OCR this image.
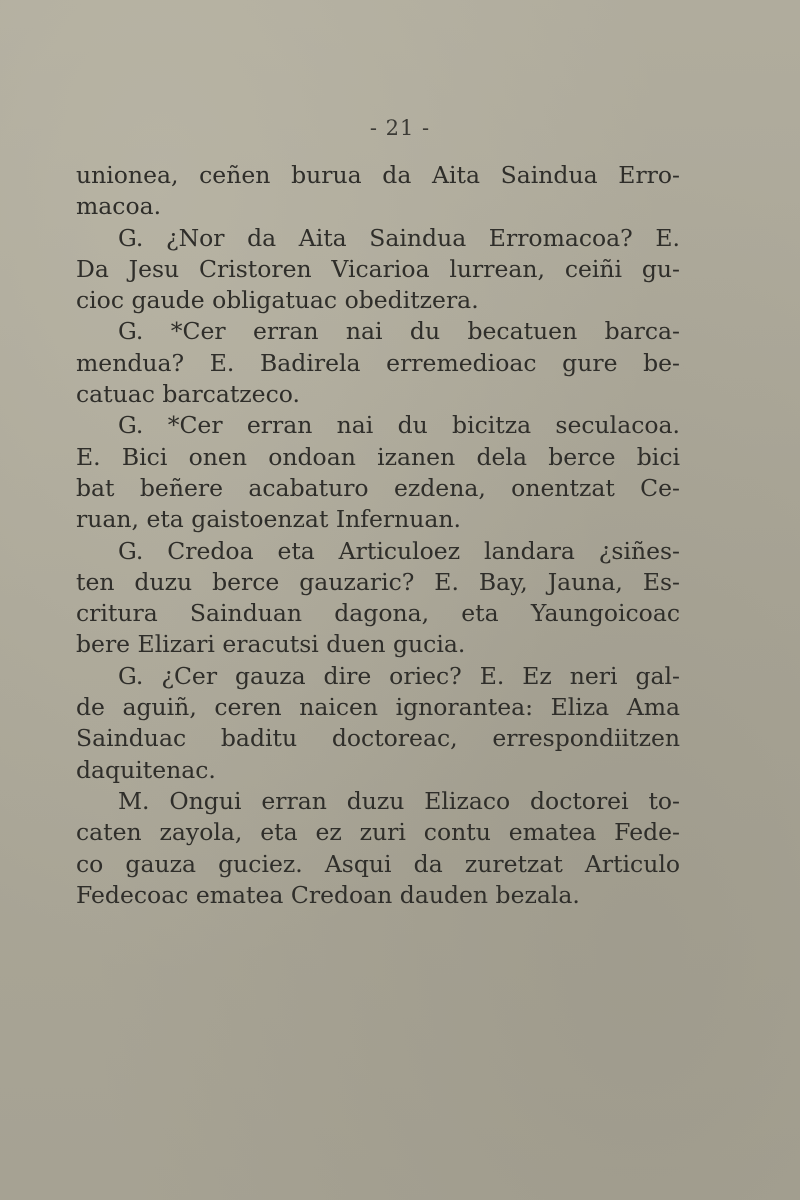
- 21 -
unionea, ceñen burua da Aita Saindua Erro-
macoa.
G. ¿Nor da Aita Saindua Erromacoa? E.
Da Jesu Cristoren Vicarioa lurrean, ceiñi gu-
cioc gaude obligatuac obeditzera.
G. *Cer erran nai du becatuen barca-
mendua? E. Badirela erremedioac gure be-
catuac barcatzeco.
G. *Cer erran nai du bicitza seculacoa.
E. Bici onen ondoan izanen dela berce bici
bat beñere acabaturo ezdena, onentzat Ce-
ruan, eta gaistoenzat Infernuan.
G. Credoa eta Articuloez landara ¿siñes-
ten duzu berce gauzaric? E. Bay, Jauna, Es-
critura Sainduan dagona, eta Yaungoicoac
bere Elizari eracutsi duen gucia.
G. ¿Cer gauza dire oriec? E. Ez neri gal-
de aguiñ, ceren naicen ignorantea: Eliza Ama
Sainduac baditu doctoreac, errespondiitzen
daquitenac.
M. Ongui erran duzu Elizaco doctorei to-
caten zayola, eta ez zuri contu ematea Fede-
co gauza guciez. Asqui da zuretzat Articulo
Fedecoac ematea Credoan dauden bezala.
